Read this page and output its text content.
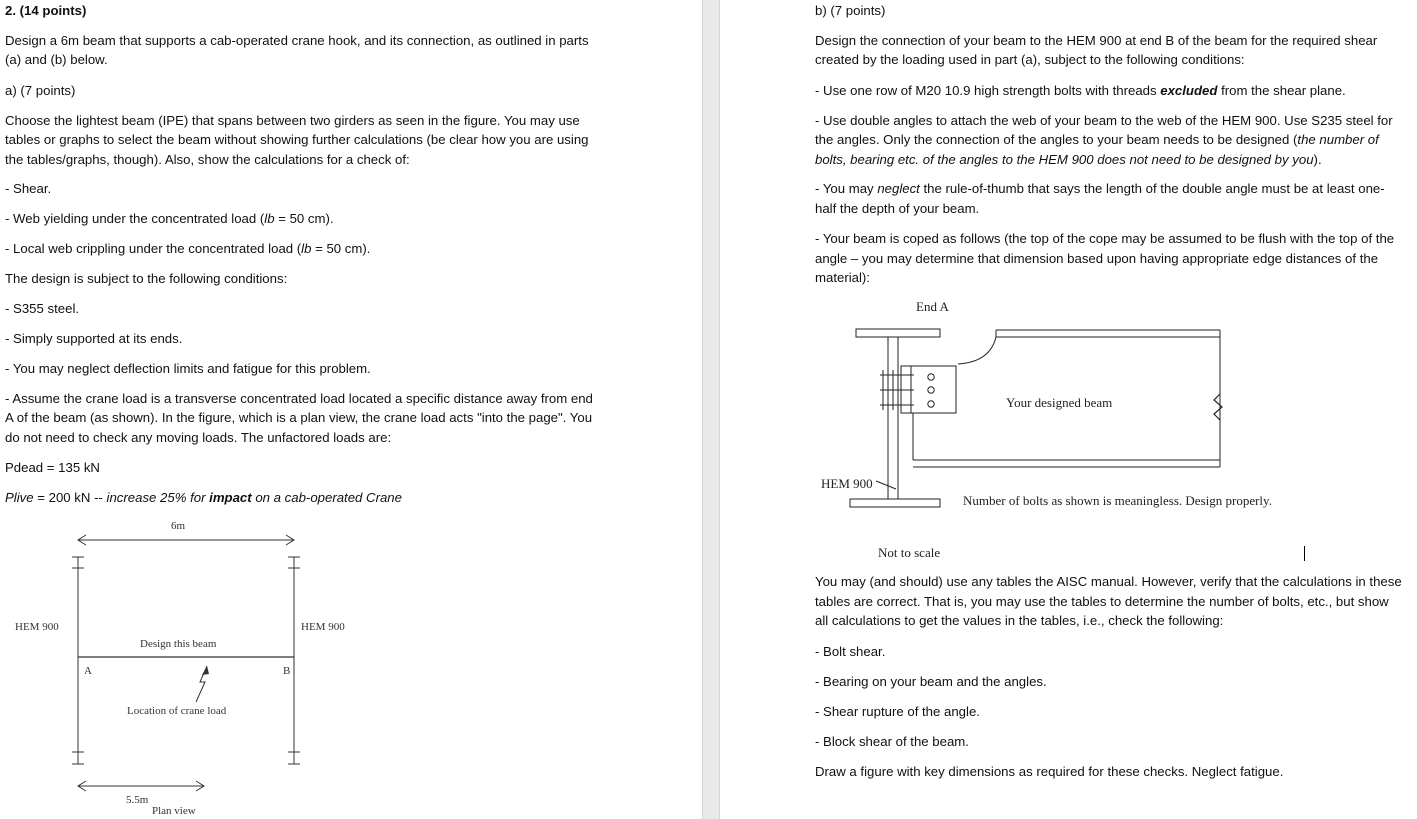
2. (14 points)

Design a 6m beam that supports a cab-operated crane hook, and its connection, as outlined in parts

(a) and (b) below.

a) (7 points)

Choose the lightest beam (IPE) that spans between two girders as seen in the figure. You may use

tables or graphs to select the beam without showing further calculations (be clear how you are using

the tables/graphs, though). Also, show the calculations for a check of:

- Shear.

- Web yielding under the concentrated load (lb = 50 cm).

- Local web crippling under the concentrated load (lb = 50 cm).

The design is subject to the following conditions:

- S355 steel.

- Simply supported at its ends.

- You may neglect deflection limits and fatigue for this problem.

- Assume the crane load is a transverse concentrated load located a specific distance away from end

A of the beam (as shown). In the figure, which is a plan view, the crane load acts "into the page". You

do not need to check any moving loads. The unfactored loads are:

Pdead = 135 kN

Plive = 200 kN -- increase 25% for impact on a cab-operated Crane

6m
HEM 900	HEM 900
Design this beam
A	B
Location of crane load
5.5m
Plan view

b) (7 points)

Design the connection of your beam to the HEM 900 at end B of the beam for the required shear

created by the loading used in part (a), subject to the following conditions:

- Use one row of M20 10.9 high strength bolts with threads excluded from the shear plane.

- Use double angles to attach the web of your beam to the web of the HEM 900. Use S235 steel for

the angles. Only the connection of the angles to your beam needs to be designed (the number of

bolts, bearing etc. of the angles to the HEM 900 does not need to be designed by you).

- You may neglect the rule-of-thumb that says the length of the double angle must be at least one-

half the depth of your beam.

- Your beam is coped as follows (the top of the cope may be assumed to be flush with the top of the

angle – you may determine that dimension based upon having appropriate edge distances of the

material):

End A
Your designed beam
HEM 900
Number of bolts as shown is meaningless. Design properly.
Not to scale

You may (and should) use any tables the AISC manual. However, verify that the calculations in these

tables are correct. That is, you may use the tables to determine the number of bolts, etc., but show

all calculations to get the values in the tables, i.e., check the following:

- Bolt shear.

- Bearing on your beam and the angles.

- Shear rupture of the angle.

- Block shear of the beam.

Draw a figure with key dimensions as required for these checks. Neglect fatigue.
